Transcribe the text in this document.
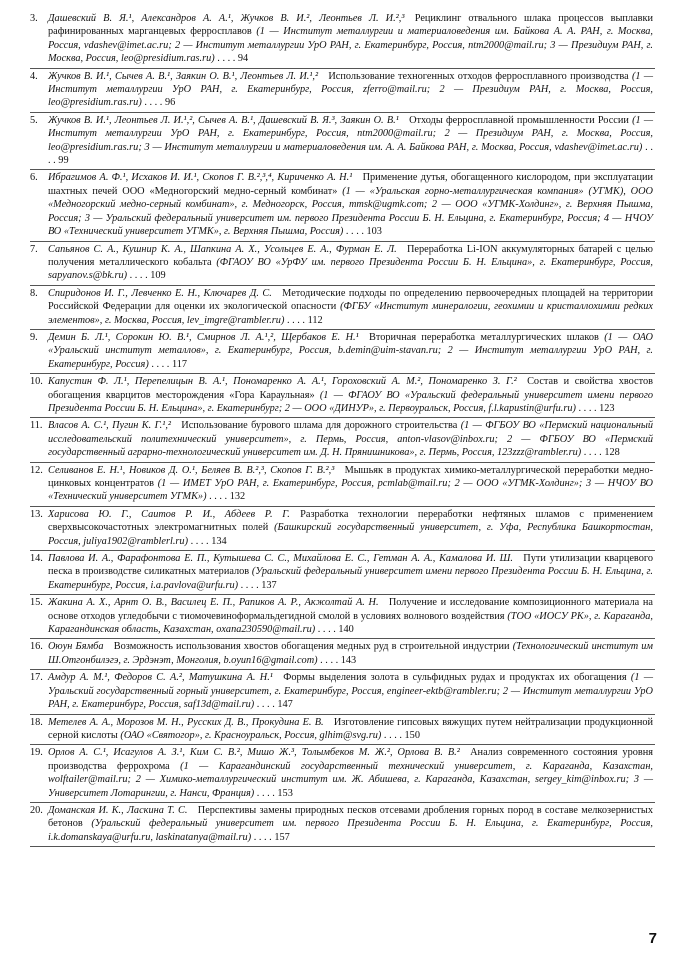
3. Дашевский В. Я.¹, Александров А. А.¹, Жучков В. И.², Леонтьев Л. И.²,³  Рециклинг отвального шлака процессов выплавки рафинированных марганцевых ферросплавов (1 — Институт металлургии и материаловедения им. Байкова А. А. РАН, г. Москва, Россия, vdashev@imet.ac.ru; 2 — Институт металлургии УрО РАН, г. Екатеринбург, Россия, ntm2000@mail.ru; 3 — Президиум РАН, г. Москва, Россия, leo@presidium.ras.ru) . . . . 94
4. Жучков В. И.¹, Сычев А. В.¹, Заякин О. В.¹, Леонтьев Л. И.¹,²  Использование техногенных отходов ферросплавного производства (1 — Институт металлургии УрО РАН, г. Екатеринбург, Россия, zferro@mail.ru; 2 — Президиум РАН, г. Москва, Россия, leo@presidium.ras.ru) . . . . 96
5. Жучков В. И.¹, Леонтьев Л. И.¹,², Сычев А. В.¹, Дашевский В. Я.³, Заякин О. В.¹  Отходы ферросплавной промышленности России (1 — Институт металлургии УрО РАН, г. Екатеринбург, Россия, ntm2000@mail.ru; 2 — Президиум РАН, г. Москва, Россия, leo@presidium.ras.ru; 3 — Институт металлургии и материаловедения им. А. А. Байкова РАН, г. Москва, Россия, vdashev@imet.ac.ru) . . . . 99
6. Ибрагимов А. Ф.¹, Исхаков И. И.¹, Скопов Г. В.²,³,⁴, Кириченко А. Н.¹  Применение дутья, обогащенного кислородом, при эксплуатации шахтных печей ООО «Медногорский медно-серный комбинат» (1 — «Уральская горно-металлургическая компания» (УГМК), ООО «Медногорский медно-серный комбинат», г. Медногорск, Россия, mmsk@ugmk.com; 2 — ООО «УГМК-Холдинг», г. Верхняя Пышма, Россия; 3 — Уральский федеральный университет им. первого Президента России Б. Н. Ельцина, г. Екатеринбург, Россия; 4 — НЧОУ ВО «Технический университет УГМК», г. Верхняя Пышма, Россия) . . . . 103
7. Сапьянов С. А., Кушнир К. А., Шапкина А. Х., Усольцев Е. А., Фурман Е. Л.  Переработка Li-ION аккумуляторных батарей с целью получения металлического кобальта (ФГАОУ ВО «УрФУ им. первого Президента России Б. Н. Ельцина», г. Екатеринбург, Россия, sapyanov.s@bk.ru) . . . . 109
8. Спиридонов И. Г., Левченко Е. Н., Ключарев Д. С.  Методические подходы по определению первоочередных площадей на территории Российской Федерации для оценки их экологической опасности (ФГБУ «Институт минералогии, геохимии и кристаллохимии редких элементов», г. Москва, Россия, lev_imgre@rambler.ru) . . . . 112
9. Демин Б. Л.¹, Сорокин Ю. В.¹, Смирнов Л. А.¹,², Щербаков Е. Н.¹  Вторичная переработка металлургических шлаков (1 — ОАО «Уральский институт металлов», г. Екатеринбург, Россия, b.demin@uim-stavan.ru; 2 — Институт металлургии УрО РАН, г. Екатеринбург, Россия) . . . . 117
10. Капустин Ф. Л.¹, Перепелицын В. А.¹, Пономаренко А. А.¹, Гороховский А. М.², Пономаренко З. Г.²  Состав и свойства хвостов обогащения кварцитов месторождения «Гора Караульная» (1 — ФГАОУ ВО «Уральский федеральный университет имени первого Президента России Б. Н. Ельцина», г. Екатеринбург; 2 — ООО «ДИНУР», г. Первоуральск, Россия, f.l.kapustin@urfu.ru) . . . . 123
11. Власов А. С.¹, Пугин К. Г.¹,²  Использование бурового шлама для дорожного строительства (1 — ФГБОУ ВО «Пермский национальный исследовательский политехнический университет», г. Пермь, Россия, anton-vlasov@inbox.ru; 2 — ФГБОУ ВО «Пермский государственный аграрно-технологический университет им. Д. Н. Прянишникова», г. Пермь, Россия, 123zzz@rambler.ru) . . . . 128
12. Селиванов Е. Н.¹, Новиков Д. О.¹, Беляев В. В.²,³, Скопов Г. В.²,³  Мышьяк в продуктах химико-металлургической переработки медно-цинковых концентратов (1 — ИМЕТ УрО РАН, г. Екатеринбург, Россия, pcmlab@mail.ru; 2 — ООО «УГМК-Холдинг»; 3 — НЧОУ ВО «Технический университет УГМК») . . . . 132
13. Харисова Ю. Г., Саитов Р. И., Абдеев Р. Г.  Разработка технологии переработки нефтяных шламов с применением сверхвысокочастотных электромагнитных полей (Башкирский государственный университет, г. Уфа, Республика Башкортостан, Россия, juliya1902@ramblerl.ru) . . . . 134
14. Павлова И. А., Фарафонтова Е. П., Кутышева С. С., Михайлова Е. С., Гетман А. А., Камалова И. Ш.  Пути утилизации кварцевого песка в производстве силикатных материалов (Уральский федеральный университет имени первого Президента России Б. Н. Ельцина, г. Екатеринбург, Россия, i.a.pavlova@urfu.ru) . . . . 137
15. Жакина А. Х., Арнт О. В., Василец Е. П., Рапиков А. Р., Акжолтай А. Н.  Получение и исследование композиционного материала на основе отходов угледобычи с тиомочевиноформальдегидной смолой в условиях волнового воздействия (ТОО «ИОСУ РК», г. Караганда, Карагандинская область, Казахстан, oxana230590@mail.ru) . . . . 140
16. Оюун Бямба  Возможность использования хвостов обогащения медных руд в строительной индустрии (Технологический институт им Ш.Отгонбилэгэ, г. Эрдэнэт, Монголия, b.oyun16@gmail.com) . . . . 143
17. Амдур А. М.¹, Федоров С. А.², Матушкина А. Н.¹  Формы выделения золота в сульфидных рудах и продуктах их обогащения (1 — Уральский государственный горный университет, г. Екатеринбург, Россия, engineer-ektb@rambler.ru; 2 — Институт металлургии УрО РАН, г. Екатеринбург, Россия, saf13d@mail.ru) . . . . 147
18. Метелев А. А., Морозов М. Н., Русских Д. В., Прокудина Е. В.  Изготовление гипсовых вяжущих путем нейтрализации продукционной серной кислоты (ОАО «Святогор», г. Красноуральск, Россия, glhim@svg.ru) . . . . 150
19. Орлов А. С.¹, Исагулов А. З.¹, Ким С. В.², Мишо Ж.³, Толымбеков М. Ж.², Орлова В. В.²  Анализ современного состояния уровня производства феррохрома (1 — Карагандинский государственный технический университет, г. Караганда, Казахстан, wolftailer@mail.ru; 2 — Химико-металлургический институт им. Ж. Абишева, г. Караганда, Казахстан, sergey_kim@inbox.ru; 3 — Университет Лотарингии, г. Нанси, Франция) . . . . 153
20. Доманская И. К., Ласкина Т. С.  Перспективы замены природных песков отсевами дробления горных пород в составе мелкозернистых бетонов (Уральский федеральный университет им. первого Президента России Б. Н. Ельцина, г. Екатеринбург, Россия, i.k.domanskaya@urfu.ru, laskinatanya@mail.ru) . . . . 157
7
